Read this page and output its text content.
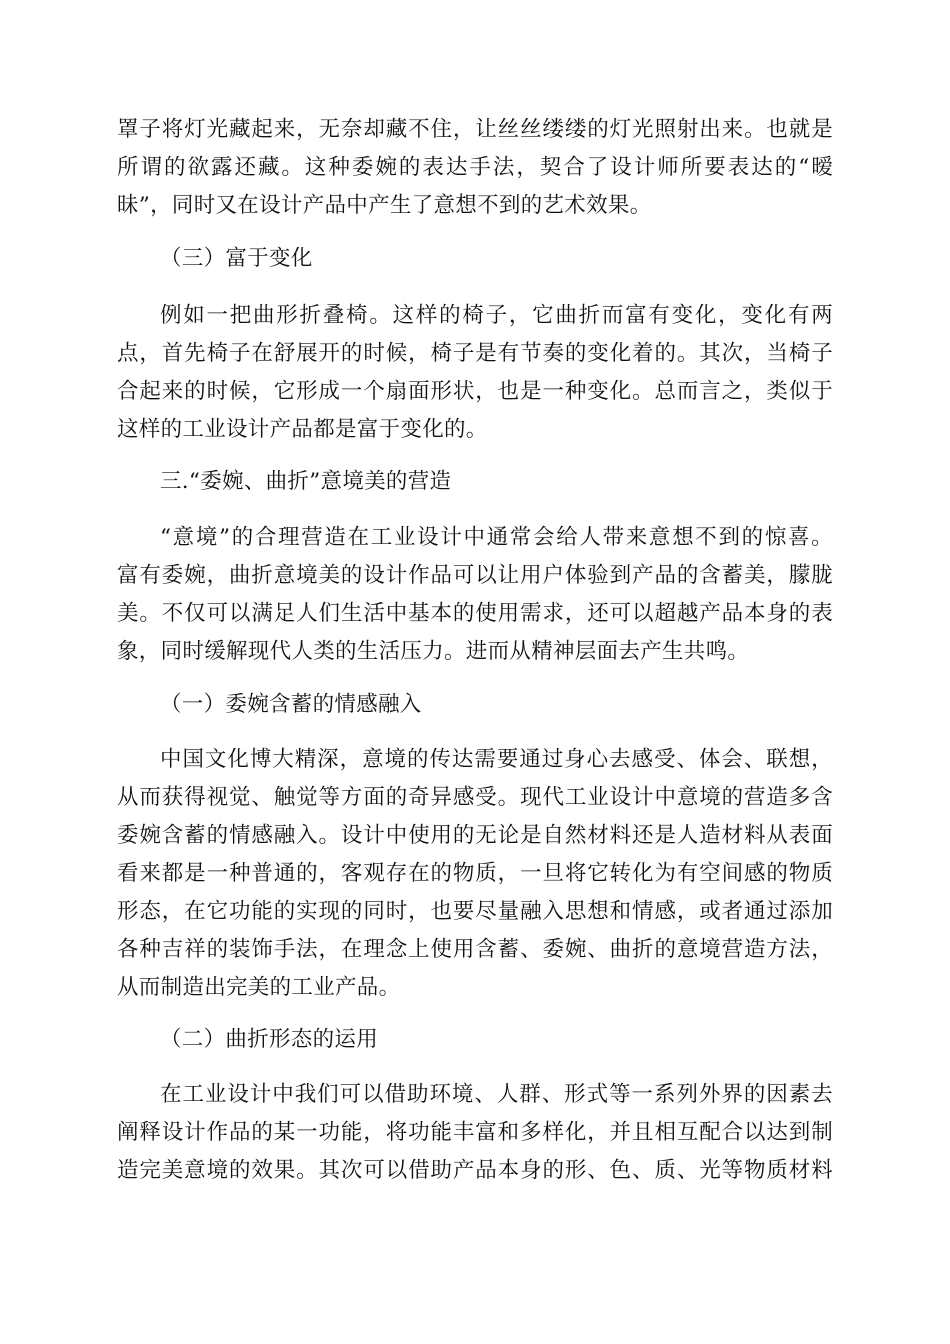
罩子将灯光藏起来，无奈却藏不住，让丝丝缕缕的灯光照射出来。也就是
所谓的欲露还藏。这种委婉的表达手法，契合了设计师所要表达的“暧
昧”，同时又在设计产品中产生了意想不到的艺术效果。
（三）富于变化
例如一把曲形折叠椅。这样的椅子，它曲折而富有变化，变化有两
点，首先椅子在舒展开的时候，椅子是有节奏的变化着的。其次，当椅子
合起来的时候，它形成一个扇面形状，也是一种变化。总而言之，类似于
这样的工业设计产品都是富于变化的。
三.“委婉、曲折”意境美的营造
“意境”的合理营造在工业设计中通常会给人带来意想不到的惊喜。
富有委婉，曲折意境美的设计作品可以让用户体验到产品的含蓄美，朦胧
美。不仅可以满足人们生活中基本的使用需求，还可以超越产品本身的表
象，同时缓解现代人类的生活压力。进而从精神层面去产生共鸣。
（一）委婉含蓄的情感融入
中国文化博大精深，意境的传达需要通过身心去感受、体会、联想，
从而获得视觉、触觉等方面的奇异感受。现代工业设计中意境的营造多含
委婉含蓄的情感融入。设计中使用的无论是自然材料还是人造材料从表面
看来都是一种普通的，客观存在的物质，一旦将它转化为有空间感的物质
形态，在它功能的实现的同时，也要尽量融入思想和情感，或者通过添加
各种吉祥的装饰手法，在理念上使用含蓄、委婉、曲折的意境营造方法，
从而制造出完美的工业产品。
（二）曲折形态的运用
在工业设计中我们可以借助环境、人群、形式等一系列外界的因素去
阐释设计作品的某一功能，将功能丰富和多样化，并且相互配合以达到制
造完美意境的效果。其次可以借助产品本身的形、色、质、光等物质材料
